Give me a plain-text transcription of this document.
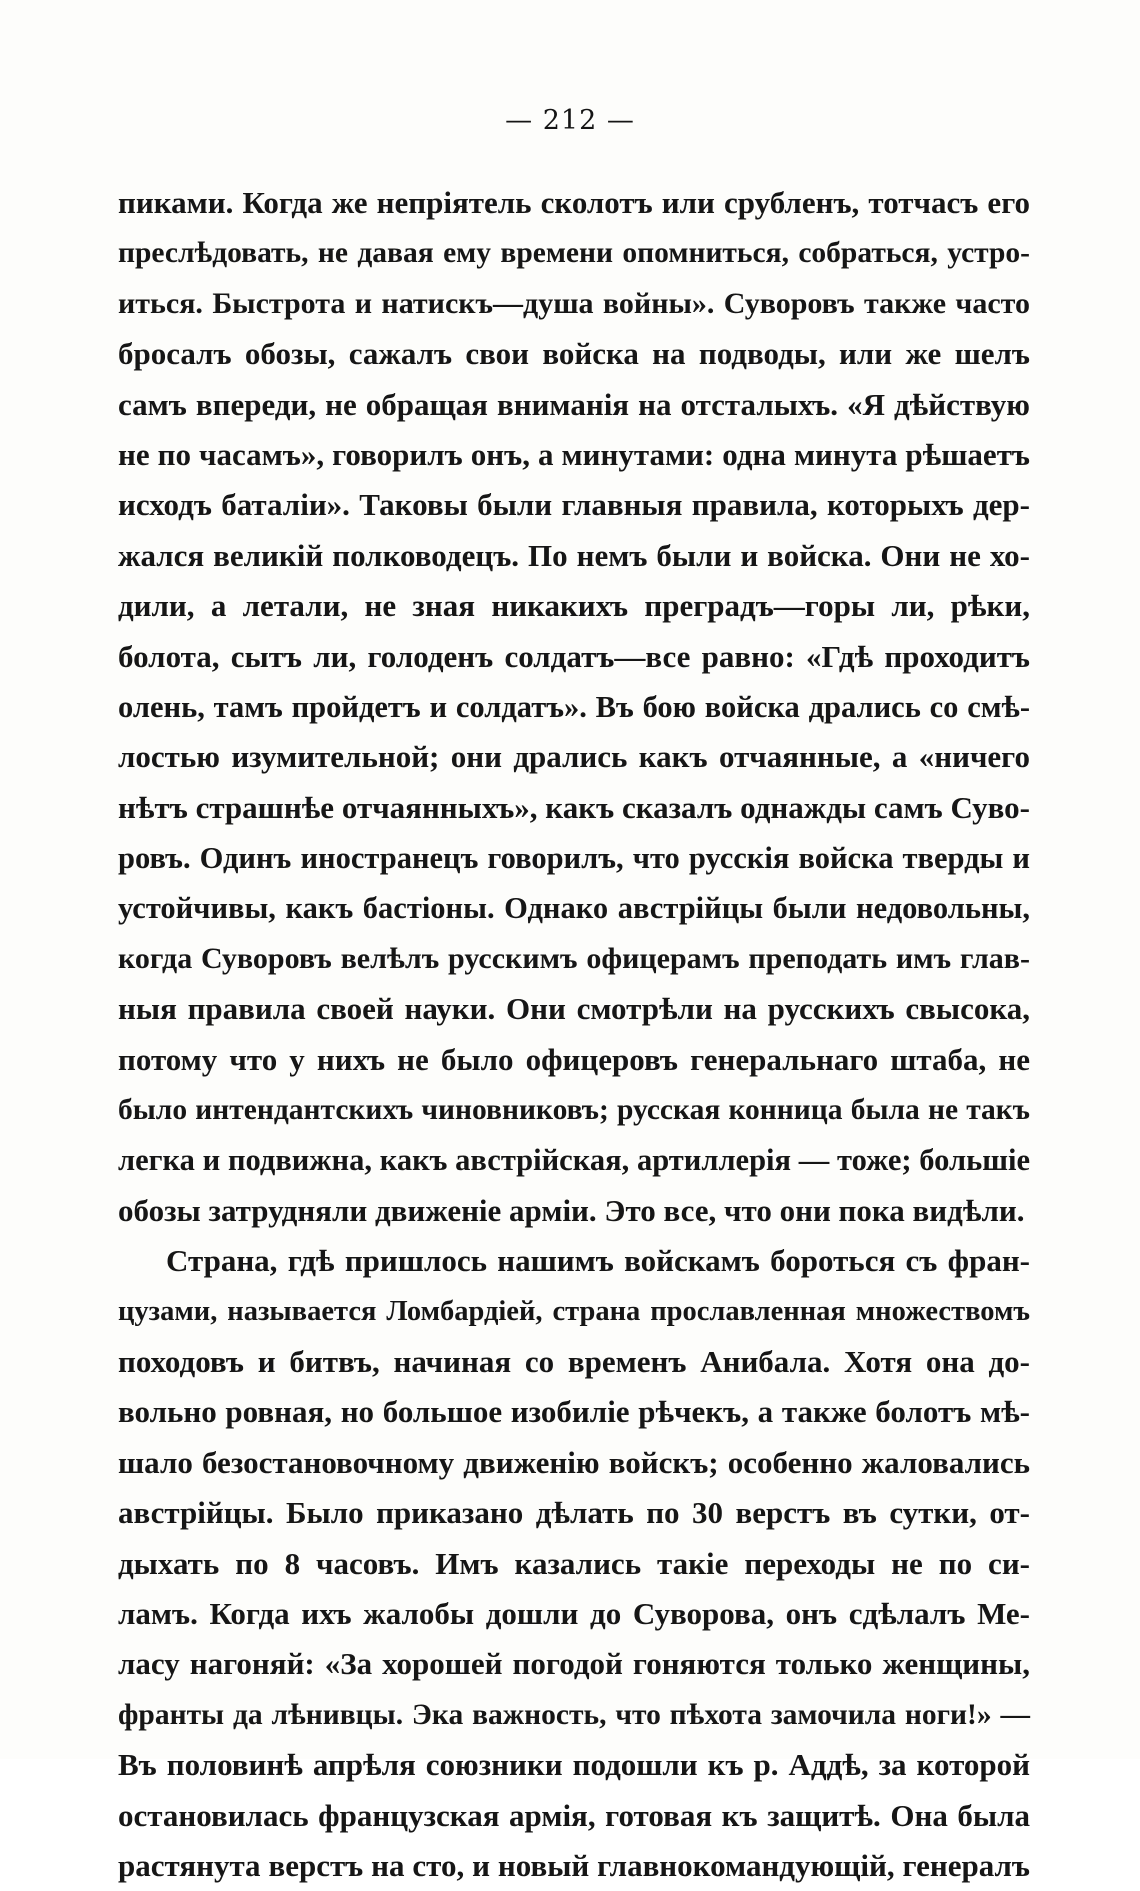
— 212 —
пиками. Когда же непріятель сколотъ или срубленъ, тотчасъ его
преслѣдовать, не давая ему времени опомниться, собраться, устро-
иться. Быстрота и натискъ—душа войны». Суворовъ также часто
бросалъ обозы, сажалъ свои войска на подводы, или же шелъ
самъ впереди, не обращая вниманія на отсталыхъ. «Я дѣйствую
не по часамъ», говорилъ онъ, а минутами: одна минута рѣшаетъ
исходъ баталіи». Таковы были главныя правила, которыхъ дер-
жался великій полководецъ. По немъ были и войска. Они не хо-
дили, а летали, не зная никакихъ преградъ—горы ли, рѣки,
болота, сытъ ли, голоденъ солдатъ—все равно: «Гдѣ проходитъ
олень, тамъ пройдетъ и солдатъ». Въ бою войска дрались со смѣ-
лостью изумительной; они дрались какъ отчаянные, а «ничего
нѣтъ страшнѣе отчаянныхъ», какъ сказалъ однажды самъ Суво-
ровъ. Одинъ иностранецъ говорилъ, что русскія войска тверды и
устойчивы, какъ бастіоны. Однако австрійцы были недовольны,
когда Суворовъ велѣлъ русскимъ офицерамъ преподать имъ глав-
ныя правила своей науки. Они смотрѣли на русскихъ свысока,
потому что у нихъ не было офицеровъ генеральнаго штаба, не
было интендантскихъ чиновниковъ; русская конница была не такъ
легка и подвижна, какъ австрійская, артиллерія — тоже; большіе
обозы затрудняли движеніе арміи. Это все, что они пока видѣли.
Страна, гдѣ пришлось нашимъ войскамъ бороться съ фран-
цузами, называется Ломбардіей, страна прославленная множествомъ
походовъ и битвъ, начиная со временъ Анибала. Хотя она до-
вольно ровная, но большое изобиліе рѣчекъ, а также болотъ мѣ-
шало безостановочному движенію войскъ; особенно жаловались
австрійцы. Было приказано дѣлать по 30 верстъ въ сутки, от-
дыхать по 8 часовъ. Имъ казались такіе переходы не по си-
ламъ. Когда ихъ жалобы дошли до Суворова, онъ сдѣлалъ Ме-
ласу нагоняй: «За хорошей погодой гоняются только женщины,
франты да лѣнивцы. Эка важность, что пѣхота замочила ноги!» —
Въ половинѣ апрѣля союзники подошли къ р. Аддѣ, за которой
остановилась французская армія, готовая къ защитѣ. Она была
растянута верстъ на сто, и новый главнокомандующій, генералъ
